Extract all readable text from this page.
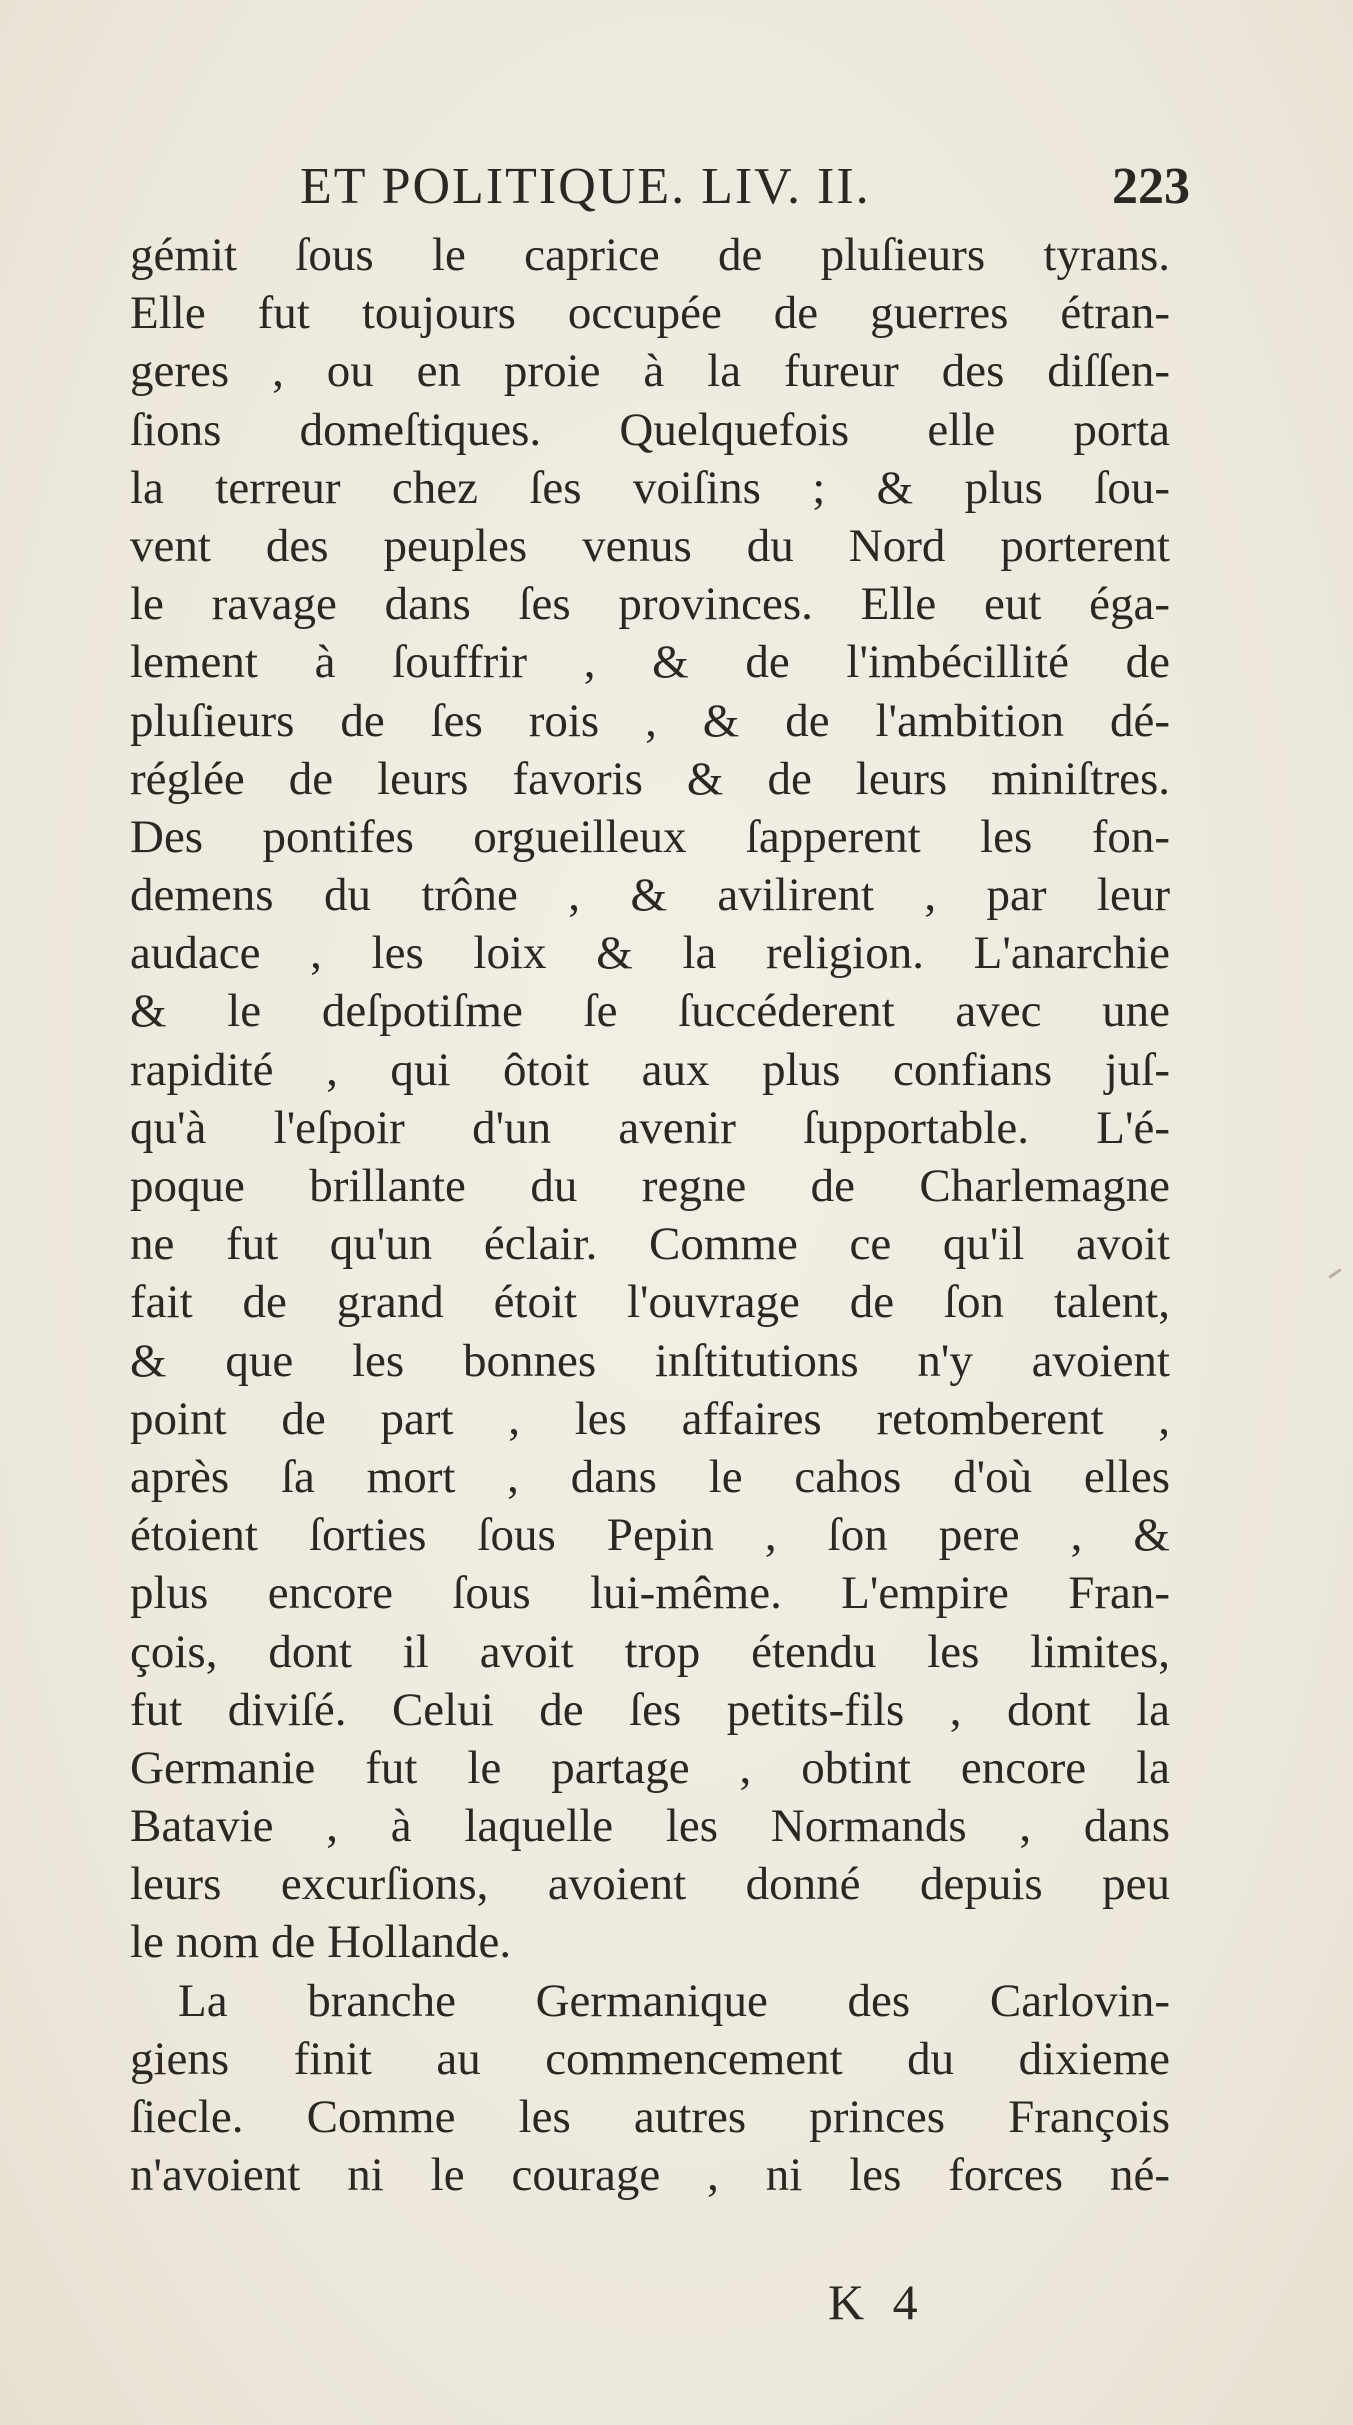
ET POLITIQUE. LIV. II.	223
gémit ſous le caprice de pluſieurs tyrans.
Elle fut toujours occupée de guerres étran-
geres , ou en proie à la fureur des diſſen-
ſions domeſtiques. Quelquefois elle porta
la terreur chez ſes voiſins ; & plus ſou-
vent des peuples venus du Nord porterent
le ravage dans ſes provinces. Elle eut éga-
lement à ſouffrir , & de l'imbécillité de
pluſieurs de ſes rois , & de l'ambition dé-
réglée de leurs favoris & de leurs miniſtres.
Des pontifes orgueilleux ſapperent les fon-
demens du trône , & avilirent , par leur
audace , les loix & la religion. L'anarchie
& le deſpotiſme ſe ſuccéderent avec une
rapidité , qui ôtoit aux plus confians juſ-
qu'à l'eſpoir d'un avenir ſupportable. L'é-
poque brillante du regne de Charlemagne
ne fut qu'un éclair. Comme ce qu'il avoit
fait de grand étoit l'ouvrage de ſon talent,
& que les bonnes inſtitutions n'y avoient
point de part , les affaires retomberent ,
après ſa mort , dans le cahos d'où elles
étoient ſorties ſous Pepin , ſon pere , &
plus encore ſous lui-même. L'empire Fran-
çois, dont il avoit trop étendu les limites,
fut diviſé. Celui de ſes petits-fils , dont la
Germanie fut le partage , obtint encore la
Batavie , à laquelle les Normands , dans
leurs excurſions, avoient donné depuis peu
le nom de Hollande.
La branche Germanique des Carlovin-
giens finit au commencement du dixieme
ſiecle. Comme les autres princes François
n'avoient ni le courage , ni les forces né-
K 4
